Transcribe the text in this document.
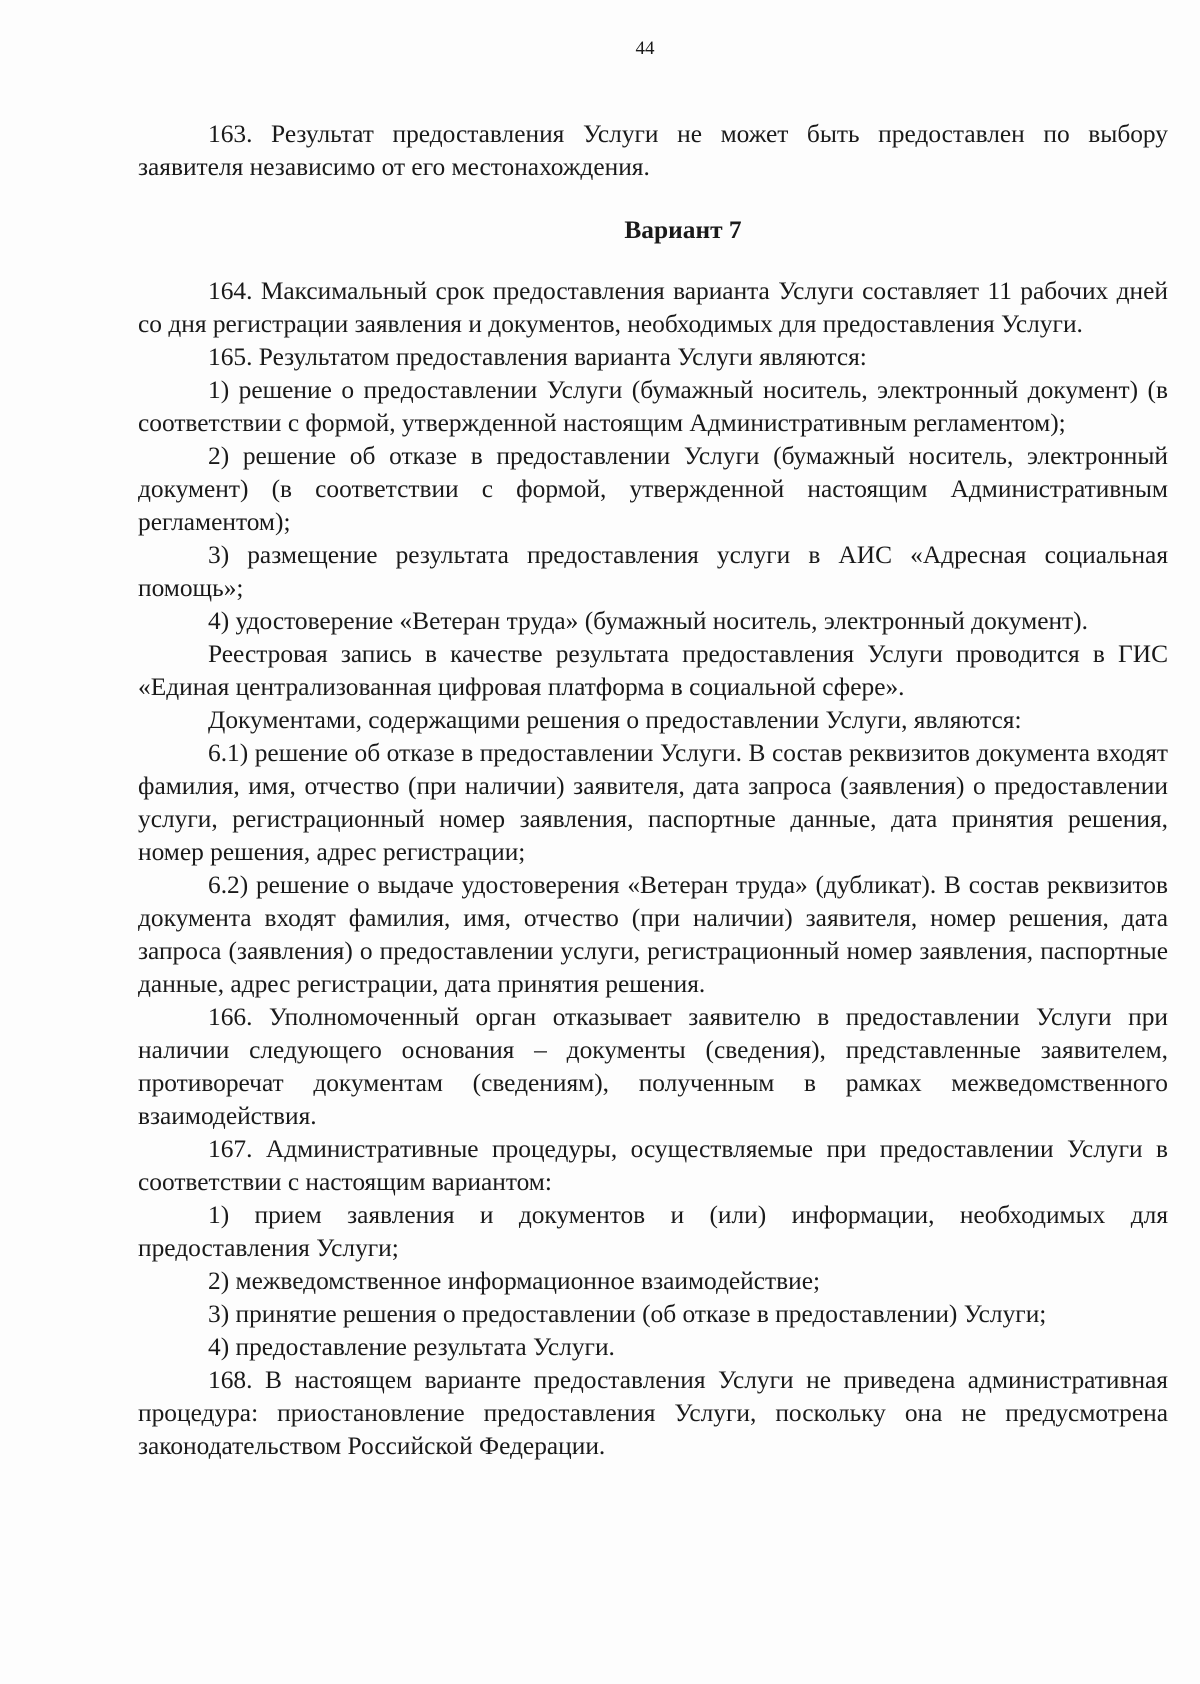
44

163. Результат предоставления Услуги не может быть предоставлен по выбору заявителя независимо от его местонахождения.

Вариант 7

164. Максимальный срок предоставления варианта Услуги составляет 11 рабочих дней со дня регистрации заявления и документов, необходимых для предоставления Услуги.

165. Результатом предоставления варианта Услуги являются:

1) решение о предоставлении Услуги (бумажный носитель, электронный документ) (в соответствии с формой, утвержденной настоящим Административным регламентом);

2) решение об отказе в предоставлении Услуги (бумажный носитель, электронный документ) (в соответствии с формой, утвержденной настоящим Административным регламентом);

3) размещение результата предоставления услуги в АИС «Адресная социальная помощь»;

4) удостоверение «Ветеран труда» (бумажный носитель, электронный документ).

Реестровая запись в качестве результата предоставления Услуги проводится в ГИС «Единая централизованная цифровая платформа в социальной сфере».

Документами, содержащими решения о предоставлении Услуги, являются:

6.1) решение об отказе в предоставлении Услуги. В состав реквизитов документа входят фамилия, имя, отчество (при наличии) заявителя, дата запроса (заявления) о предоставлении услуги, регистрационный номер заявления, паспортные данные, дата принятия решения, номер решения, адрес регистрации;

6.2) решение о выдаче удостоверения «Ветеран труда» (дубликат). В состав реквизитов документа входят фамилия, имя, отчество (при наличии) заявителя, номер решения, дата запроса (заявления) о предоставлении услуги, регистрационный номер заявления, паспортные данные, адрес регистрации, дата принятия решения.

166. Уполномоченный орган отказывает заявителю в предоставлении Услуги при наличии следующего основания – документы (сведения), представленные заявителем, противоречат документам (сведениям), полученным в рамках межведомственного взаимодействия.

167. Административные процедуры, осуществляемые при предоставлении Услуги в соответствии с настоящим вариантом:

1) прием заявления и документов и (или) информации, необходимых для предоставления Услуги;

2) межведомственное информационное взаимодействие;

3) принятие решения о предоставлении (об отказе в предоставлении) Услуги;

4) предоставление результата Услуги.

168. В настоящем варианте предоставления Услуги не приведена административная процедура: приостановление предоставления Услуги, поскольку она не предусмотрена законодательством Российской Федерации.
